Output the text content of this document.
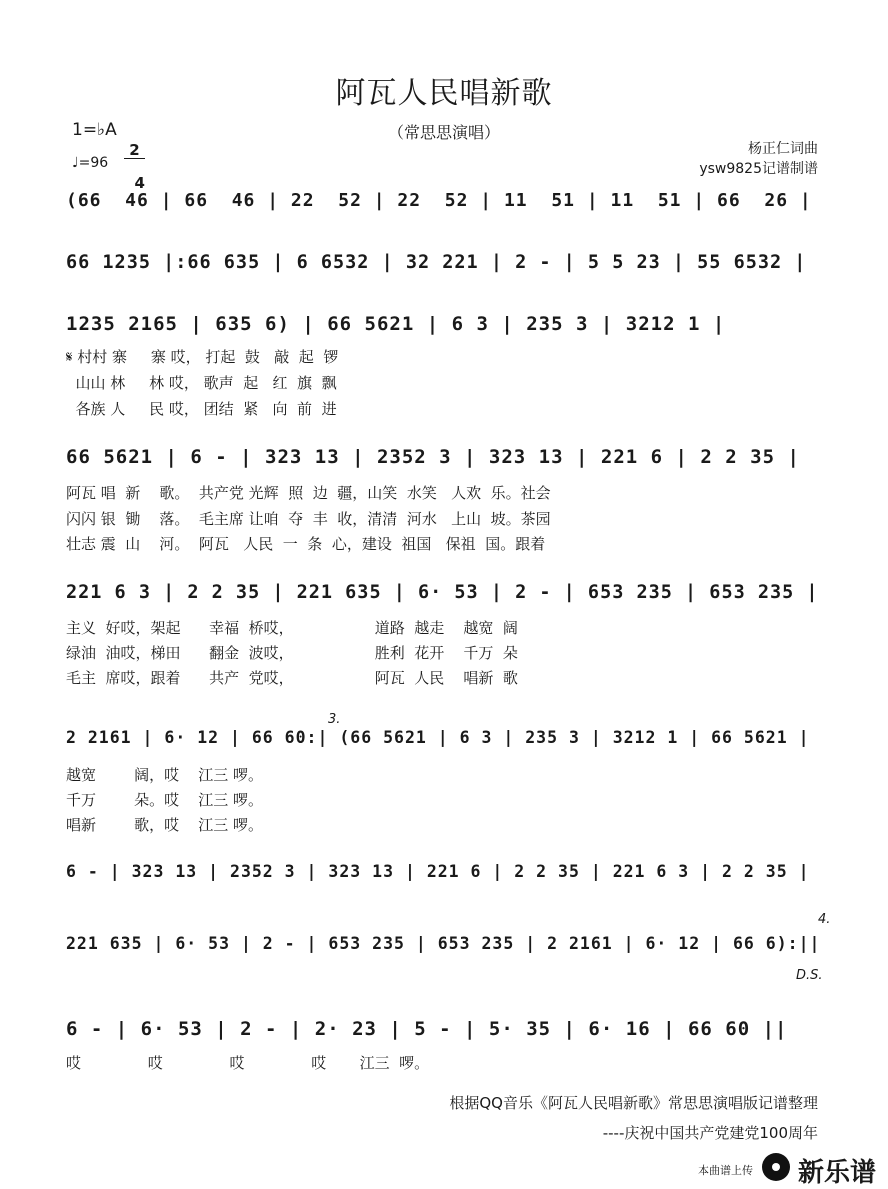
阿瓦人民唱新歌
（常思思演唱）
1=♭A

2

4

♩=96
杨正仁词曲
ysw9825记谱制谱
(66  46 | 66  46 | 22  52 | 22  52 | 11  51 | 11  51 | 66  26 |
66 1235 |:66 635 | 6 6532 | 32 221 | 2 - | 5 5 23 | 55 6532 |
1235 2165 | 635 6) | 66 5621 | 6 3 | 235 3 | 3212 1 |
𝄋 村村 寨     寨 哎， 打起  鼓   敲  起  锣
山山 林     林 哎， 歌声  起   红  旗  飘
各族 人     民 哎， 团结  紧   向  前  进
66 5621 | 6 - | 323 13 | 2352 3 | 323 13 | 221 6 | 2 2 35 |
阿瓦 唱  新    歌。  共产党 光辉  照  边  疆，山笑  水笑   人欢  乐。社会
闪闪 银  锄    落。  毛主席 让咱  夺  丰  收，清清  河水   上山  坡。茶园
壮志 震  山    河。  阿瓦   人民  一  条  心，建设  祖国   保祖  国。跟着
221 6 3 | 2 2 35 | 221 635 | 6· 53 | 2 - | 653 235 | 653 235 |
主义  好哎，架起      幸福  桥哎，                 道路  越走    越宽  阔
绿油  油哎，梯田      翻金  波哎，                 胜利  花开    千万  朵
毛主  席哎，跟着      共产  党哎，                 阿瓦  人民    唱新  歌
3.
2 2161 | 6· 12 | 66 60:| (66 5621 | 6 3 | 235 3 | 3212 1 | 66 5621 |
越宽        阔，哎    江三 啰。
千万        朵。哎    江三 啰。
唱新        歌，哎    江三 啰。
6 - | 323 13 | 2352 3 | 323 13 | 221 6 | 2 2 35 | 221 6 3 | 2 2 35 |
4.
221 635 | 6· 53 | 2 - | 653 235 | 653 235 | 2 2161 | 6· 12 | 66 6):||
D.S.
6 - | 6· 53 | 2 - | 2· 23 | 5 - | 5· 35 | 6· 16 | 66 60 ||
哎              哎              哎              哎       江三  啰。
根据QQ音乐《阿瓦人民唱新歌》常思思演唱版记谱整理
----庆祝中国共产党建党100周年
本曲谱上传 新乐谱
